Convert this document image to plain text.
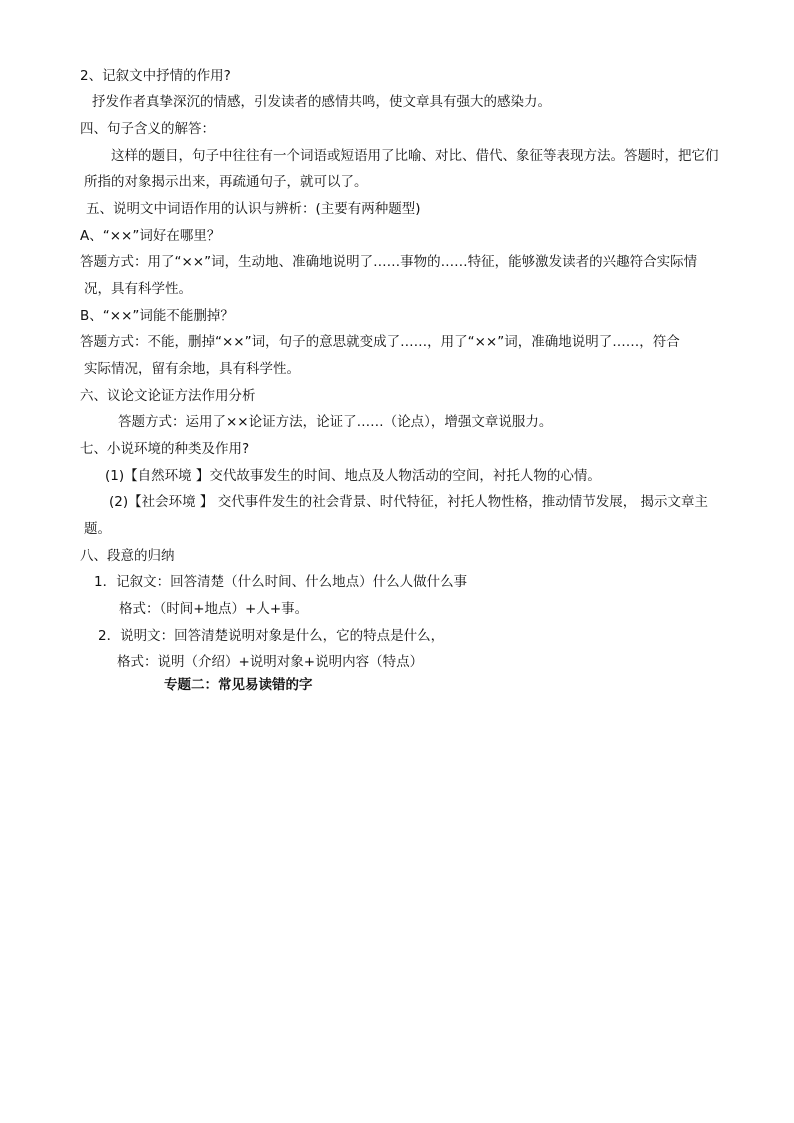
2、记叙文中抒情的作用?
抒发作者真挚深沉的情感，引发读者的感情共鸣，使文章具有强大的感染力。
四、句子含义的解答：
这样的题目，句子中往往有一个词语或短语用了比喻、对比、借代、象征等表现方法。答题时，把它们
所指的对象揭示出来，再疏通句子，就可以了。
五、说明文中词语作用的认识与辨析：(主要有两种题型)
A、“××”词好在哪里？
答题方式：用了“××”词，生动地、准确地说明了……事物的……特征，能够激发读者的兴趣符合实际情
况，具有科学性。
B、“××”词能不能删掉？
答题方式：不能，删掉“××”词，句子的意思就变成了……，用了“××”词，准确地说明了……，符合
实际情况，留有余地，具有科学性。
六、议论文论证方法作用分析
答题方式：运用了××论证方法，论证了……（论点），增强文章说服力。
七、小说环境的种类及作用?
(1)【自然环境 】交代故事发生的时间、地点及人物活动的空间，衬托人物的心情。
(2)【社会环境 】 交代事件发生的社会背景、时代特征，衬托人物性格，推动情节发展， 揭示文章主
题。
八、段意的归纳
1．记叙文：回答清楚（什么时间、什么地点）什么人做什么事
格式：（时间+地点）+人+事。
2．说明文：回答清楚说明对象是什么，它的特点是什么，
格式：说明（介绍）+说明对象+说明内容（特点）
专题二：常见易读错的字
